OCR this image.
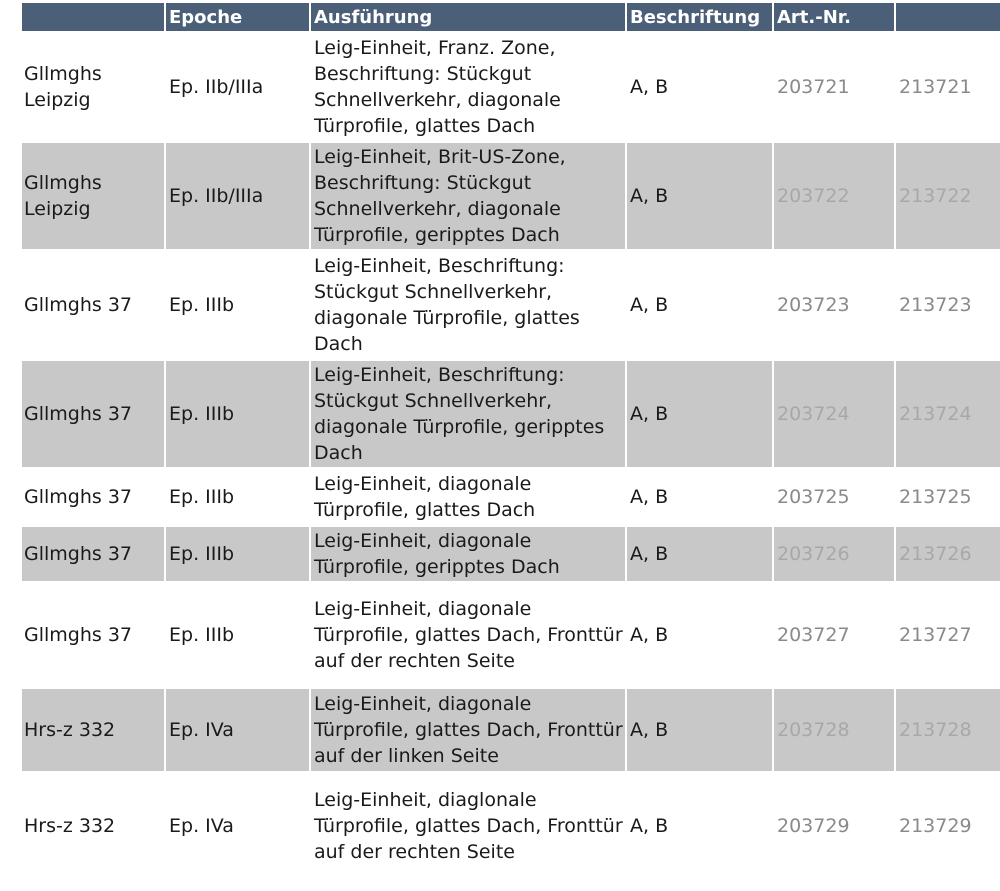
	Epoche	Ausführung	Beschriftung	Art.-Nr.	
Gllmghs Leipzig	Ep. IIb/IIIa	Leig-Einheit, Franz. Zone, Beschriftung: Stückgut Schnellverkehr, diagonale Türprofile, glattes Dach	A, B	203721	213721
Gllmghs Leipzig	Ep. IIb/IIIa	Leig-Einheit, Brit-US-Zone, Beschriftung: Stückgut Schnellverkehr, diagonale Türprofile, geripptes Dach	A, B	203722	213722
Gllmghs 37	Ep. IIIb	Leig-Einheit, Beschriftung: Stückgut Schnellverkehr, diagonale Türprofile, glattes Dach	A, B	203723	213723
Gllmghs 37	Ep. IIIb	Leig-Einheit, Beschriftung: Stückgut Schnellverkehr, diagonale Türprofile, geripptes Dach	A, B	203724	213724
Gllmghs 37	Ep. IIIb	Leig-Einheit, diagonale Türprofile, glattes Dach	A, B	203725	213725
Gllmghs 37	Ep. IIIb	Leig-Einheit, diagonale Türprofile, geripptes Dach	A, B	203726	213726
Gllmghs 37	Ep. IIIb	Leig-Einheit, diagonale Türprofile, glattes Dach, Fronttür auf der rechten Seite	A, B	203727	213727
Hrs-z 332	Ep. IVa	Leig-Einheit, diagonale Türprofile, glattes Dach, Fronttür auf der linken Seite	A, B	203728	213728
Hrs-z 332	Ep. IVa	Leig-Einheit, diaglonale Türprofile, glattes Dach, Fronttür auf der rechten Seite	A, B	203729	213729
